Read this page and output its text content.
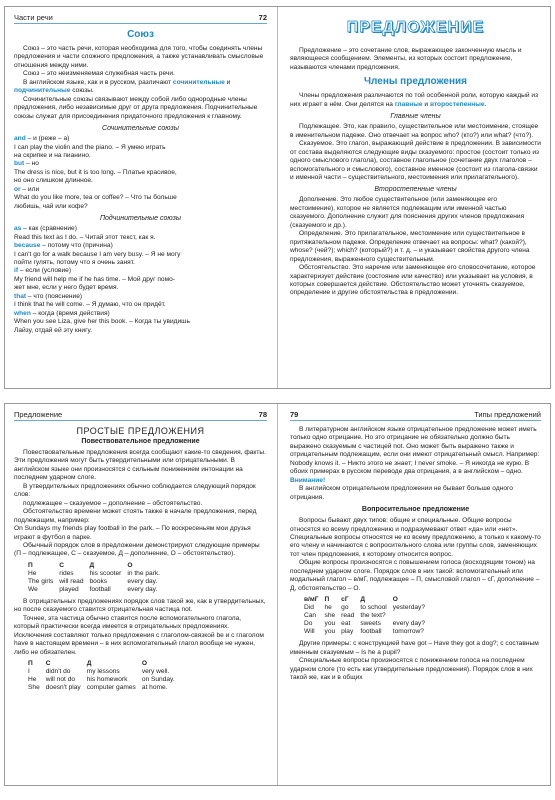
Части речи	72
Союз

Союз – это часть речи, которая необходима для того, чтобы соединять члены предложения и части сложного предложения, а также устанавливать смысловые отношения между ними.

Союз – это неизменяемая служебная часть речи.

В английском языке, как и в русском, различают сочинительные и подчинительные союзы.

Сочинительные союзы связывают между собой либо однородные члены предложения, либо независимые друг от друга предложения. Подчинительные союзы служат для присоединения придаточного предложения к главному.

Сочинительные союзы

and – и (реже – а)

I can play the violin and the piano. – Я умею играть

на скрипке и на пианино.

but – но

The dress is nice, but it is too long. – Платье красивое,

но оно слишком длинное.

or – или

What do you like more, tea or coffee? – Что ты больше

любишь, чай или кофе?

Подчинительные союзы

as – как (сравнение)

Read this text as I do. – Читай этот текст, как я.

because – потому что (причина)

I can't go for a walk because I am very busy. – Я не могу

пойти гулять, потому что я очень занят.

if – если (условие)

My friend will help me if he has time. – Мой друг помо-

жет мне, если у него будет время.

that – что (пояснение)

I think that he will come. – Я думаю, что он придёт.

when – когда (время действия)

When you see Liza, give her this book. – Когда ты увидишь

Лайзу, отдай ей эту книгу.

ПРЕДЛОЖЕНИЕ

Предложение – это сочетание слов, выражающее законченную мысль и являющееся сообщением. Элементы, из которых состоит предложение, называются членами предложения.

Члены предложения

Члены предложения различаются по той особенной роли, которую каждый из них играет в нём. Они делятся на главные и второстепенные.

Главные члены

Подлежащее. Это, как правило, существительное или местоимение, стоящее в именительном падеже. Оно отвечает на вопрос who? (кто?) или what? (что?).

Сказуемое. Это глагол, выражающий действие в предложении. В зависимости от состава выделяются следующие виды сказуемого: простое (состоит только из одного смыслового глагола), составное глагольное (сочетание двух глаголов – вспомогательного и смыслового), составное именное (состоит из глагола-связки и именной части – существительного, местоимения или прилагательного).

Второстепенные члены

Дополнение. Это любое существительное (или заменяющее его местоимение), которое не является подлежащим или именной частью сказуемого. Дополнение служит для пояснения других членов предложения (сказуемого и др.).

Определение. Это прилагательное, местоимение или существительное в притяжательном падеже. Определение отвечает на вопросы: what? (какой?), whose? (чей?); which? (который?) и т. д. – и указывает свойства другого члена предложения, выраженного существительным.

Обстоятельство. Это наречие или заменяющее его словосочетание, которое характеризует действие (состояние или качество) или указывает на условия, в которых совершается действие. Обстоятельство может уточнять сказуемое, определение и другие обстоятельства в предложении.

Предложение	78
ПРОСТЫЕ ПРЕДЛОЖЕНИЯ
Повествовательное предложение

Повествовательные предложения всегда сообщают какие-то сведения, факты. Эти предложения могут быть утвердительными или отрицательными. В английском языке они произносятся с сильным понижением интонации на последнем ударном слоге.

В утвердительных предложениях обычно соблюдается следующий порядок слов:

подлежащее – сказуемое – дополнение – обстоятельство.

Обстоятельство времени может стоять также в начале предложения, перед подлежащим, например:

On Sundays my friends play football in the park. – По воскресеньям мои друзья играют в футбол в парке.

Обычный порядок слов в предложении демонстрируют следующие примеры (П – подлежащее, С – сказуемое, Д – дополнение, О – обстоятельство).

П	С	Д	О
He	rides	his scooter	in the park.
The girls	will read	books	every day.
We	played	football	every day.

В отрицательных предложениях порядок слов такой же, как в утвердительных, но после сказуемого ставится отрицательная частица not.

Точнее, эта частица обычно ставится после вспомогательного глагола, который практически всегда имеется в отрицательных предложениях. Исключения составляют только предложения с глаголом-связкой be и с глаголом have в настоящем времени – в них вспомогательный глагол вообще не нужен, либо не обязателен.

П	С	Д	О
I	didn't do	my lessons	very well.
He	will not do	his homework	on Sunday.
She	doesn't play	computer games	at home.
79	Типы предложений

В литературном английском языке отрицательное предложение может иметь только одно отрицание. Но это отрицание не обязательно должно быть выражено сказуемым с частицей not. Оно может быть выражено также и отрицательным подлежащим, если они имеют отрицательный смысл. Например: Nobody knows it. – Никто этого не знает; I never smoke. – Я никогда не курю. В обоих примерах в русском переводе два отрицания, а в английском – одно.

Внимание!

В английском отрицательном предложении не бывает больше одного отрицания.

Вопросительное предложение

Вопросы бывают двух типов: общие и специальные. Общие вопросы относятся ко всему предложению и подразумевают ответ «да» или «нет». Специальные вопросы относятся не ко всему предложению, а только к какому-то его члену и начинаются с вопросительного слова или группы слов, заменяющих тот член предложения, к которому относится вопрос.

Общие вопросы произносятся с повышением голоса (восходящим тоном) на последнем ударном слоге. Порядок слов в них такой: вспомогательный или модальный глагол – в/мГ, подлежащее – П, смысловой глагол – сГ, дополнение – Д, обстоятельство – О.

в/мГ	П	сГ	Д	О
Did	he	go	to school	yesterday?
Can	she	read	the text?	
Do	you	eat	sweets	every day?
Will	you	play	football	tomorrow?

Другие примеры: с конструкцией have got – Have they got a dog?; с составным именным сказуемым – Is he a pupil?

Специальные вопросы произносятся с понижением голоса на последнем ударном слоге (то есть как утвердительные предложения). Порядок слов в них такой же, как и в общих
